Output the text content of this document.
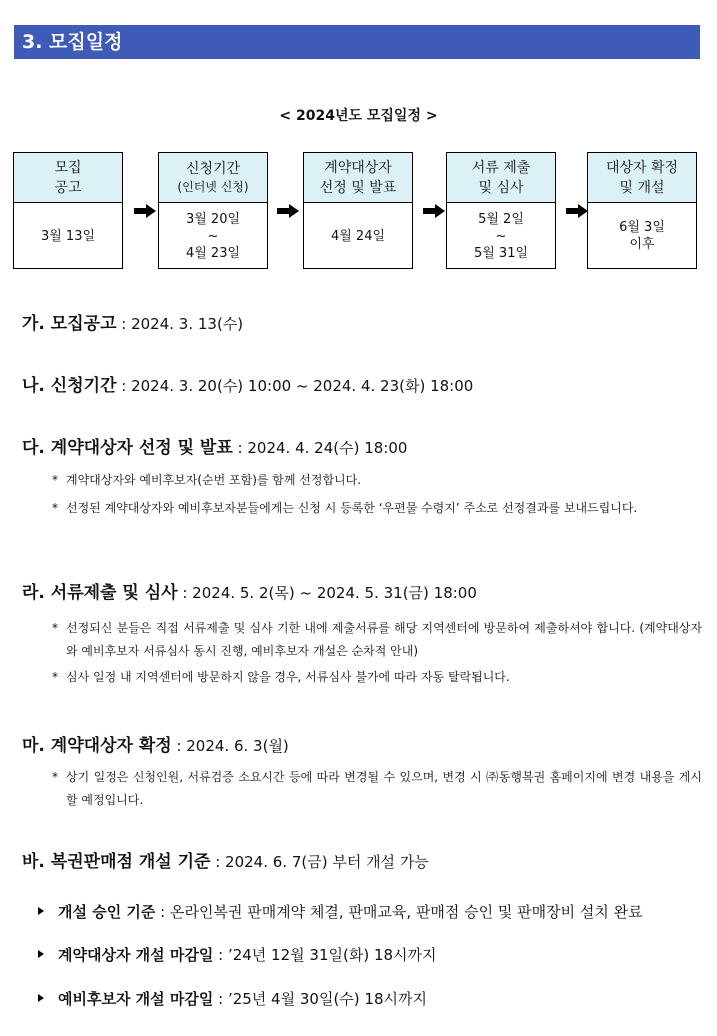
3. 모집일정
< 2024년도 모집일정 >
모집
공고
3월 13일
신청기간
(인터넷 신청)
3월 20일
~
4월 23일
계약대상자
선정 및 발표
4월 24일
서류 제출
및 심사
5월 2일
~
5월 31일
대상자 확정
및 개설
6월 3일
이후
가. 모집공고 : 2024. 3. 13(수)
나. 신청기간 : 2024. 3. 20(수) 10:00 ~ 2024. 4. 23(화) 18:00
다. 계약대상자 선정 및 발표 : 2024. 4. 24(수) 18:00
* 계약대상자와 예비후보자(순번 포함)를 함께 선정합니다.
* 선정된 계약대상자와 예비후보자분들에게는 신청 시 등록한 ‘우편물 수령지’ 주소로 선정결과를 보내드립니다.
라. 서류제출 및 심사 : 2024. 5. 2(목) ~ 2024. 5. 31(금) 18:00
* 선정되신 분들은 직접 서류제출 및 심사 기한 내에 제출서류를 해당 지역센터에 방문하여 제출하셔야 합니다. (계약대상자와 예비후보자 서류심사 동시 진행, 예비후보자 개설은 순차적 안내)
* 심사 일정 내 지역센터에 방문하지 않을 경우, 서류심사 불가에 따라 자동 탈락됩니다.
마. 계약대상자 확정 : 2024. 6. 3(월)
* 상기 일정은 신청인원, 서류검증 소요시간 등에 따라 변경될 수 있으며, 변경 시 ㈜동행복권 홈페이지에 변경 내용을 게시할 예정입니다.
바. 복권판매점 개설 기준 : 2024. 6. 7(금) 부터 개설 가능
개설 승인 기준 : 온라인복권 판매계약 체결, 판매교육, 판매점 승인 및 판매장비 설치 완료
계약대상자 개설 마감일 : ’24년 12월 31일(화) 18시까지
예비후보자 개설 마감일 : ’25년 4월 30일(수) 18시까지
